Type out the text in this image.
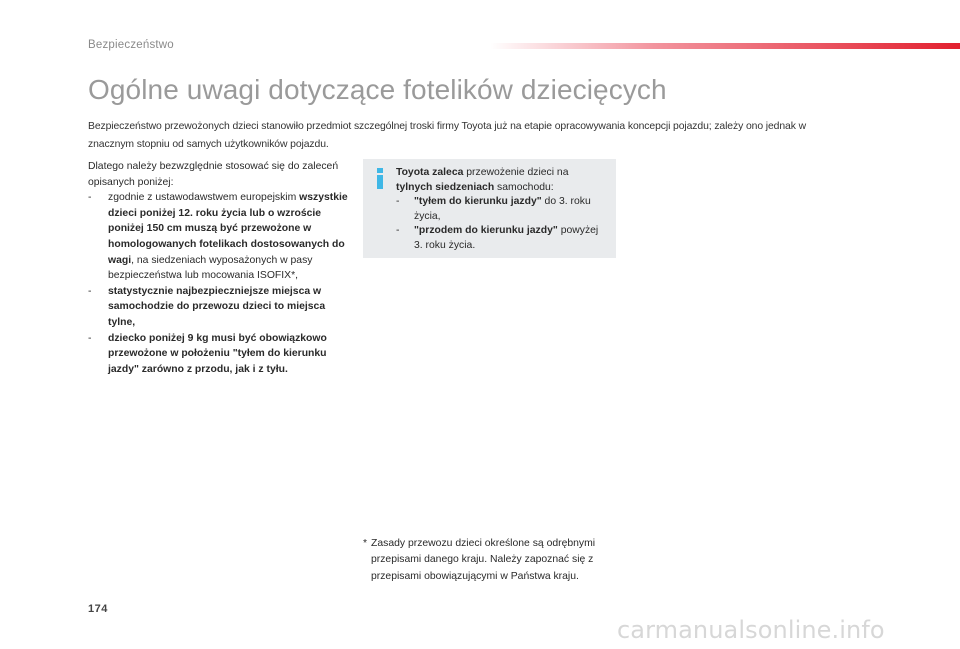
Bezpieczeństwo
Ogólne uwagi dotyczące fotelików dziecięcych
Bezpieczeństwo przewożonych dzieci stanowiło przedmiot szczególnej troski firmy Toyota już na etapie opracowywania koncepcji pojazdu; zależy ono jednak w znacznym stopniu od samych użytkowników pojazdu.

Dlatego należy bezwzględnie stosować się do zaleceń opisanych poniżej:

- zgodnie z ustawodawstwem europejskim wszystkie dzieci poniżej 12. roku życia lub o wzroście poniżej 150 cm muszą być przewożone w homologowanych fotelikach dostosowanych do wagi, na siedzeniach wyposażonych w pasy bezpieczeństwa lub mocowania ISOFIX*,
- statystycznie najbezpieczniejsze miejsca w samochodzie do przewozu dzieci to miejsca tylne,
- dziecko poniżej 9 kg musi być obowiązkowo przewożone w położeniu "tyłem do kierunku jazdy" zarówno z przodu, jak i z tyłu.

Toyota zaleca przewożenie dzieci na tylnych siedzeniach samochodu:

- "tyłem do kierunku jazdy" do 3. roku życia,
- "przodem do kierunku jazdy" powyżej 3. roku życia.
* Zasady przewozu dzieci określone są odrębnymi przepisami danego kraju. Należy zapoznać się z przepisami obowiązującymi w Państwa kraju.
174
carmanualsonline.info
